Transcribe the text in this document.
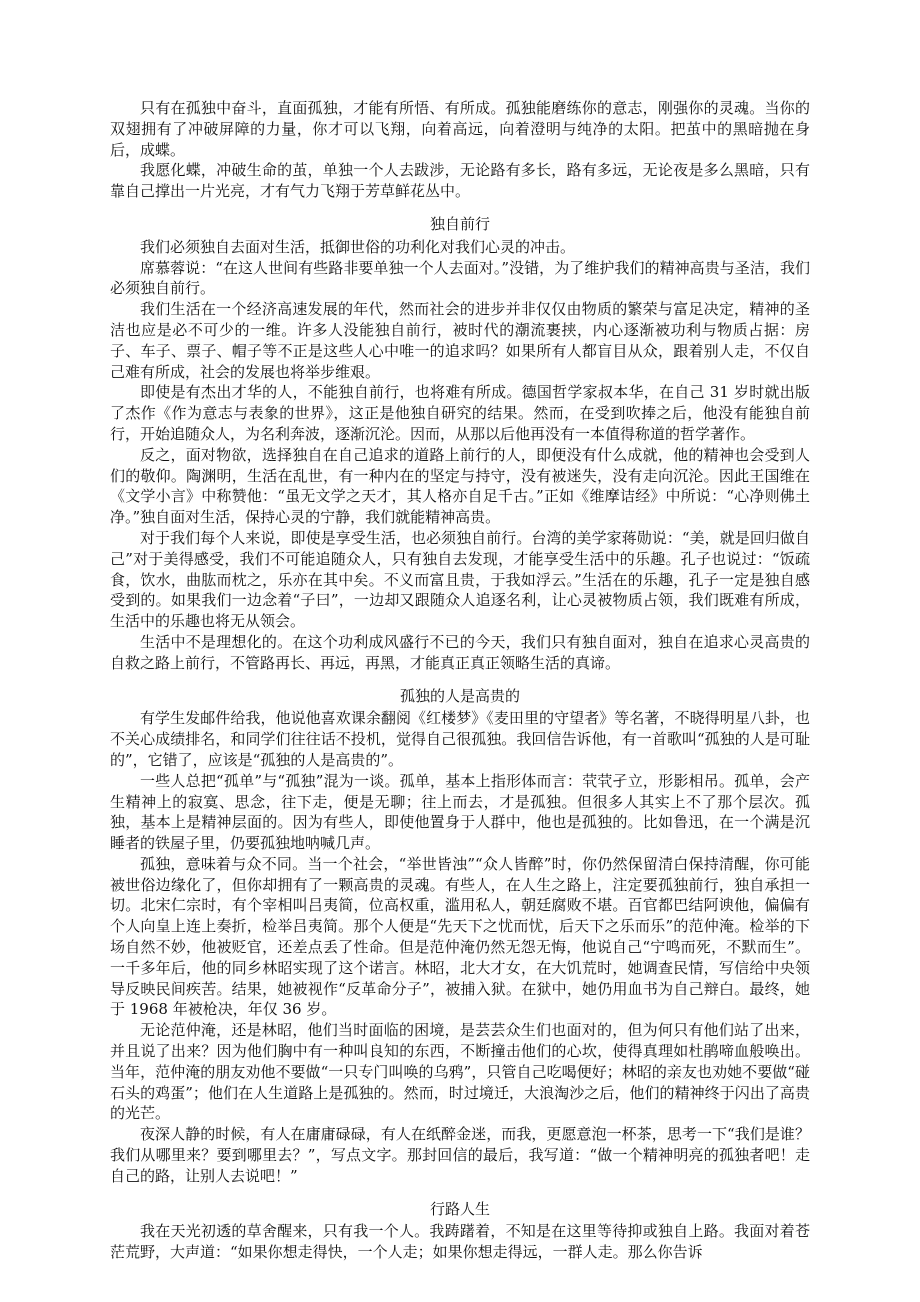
只有在孤独中奋斗，直面孤独，才能有所悟、有所成。孤独能磨练你的意志，刚强你的灵魂。当你的双翅拥有了冲破屏障的力量，你才可以飞翔，向着高远，向着澄明与纯净的太阳。把茧中的黑暗抛在身后，成蝶。

我愿化蝶，冲破生命的茧，单独一个人去跋涉，无论路有多长，路有多远，无论夜是多么黑暗，只有靠自己撑出一片光亮，才有气力飞翔于芳草鲜花丛中。

独自前行

我们必须独自去面对生活，抵御世俗的功利化对我们心灵的冲击。

席慕蓉说：“在这人世间有些路非要单独一个人去面对。”没错，为了维护我们的精神高贵与圣洁，我们必须独自前行。

我们生活在一个经济高速发展的年代，然而社会的进步并非仅仅由物质的繁荣与富足决定，精神的圣洁也应是必不可少的一维。许多人没能独自前行，被时代的潮流裹挟，内心逐渐被功利与物质占据：房子、车子、票子、帽子等不正是这些人心中唯一的追求吗？如果所有人都盲目从众，跟着别人走，不仅自己难有所成，社会的发展也将举步维艰。

即使是有杰出才华的人，不能独自前行，也将难有所成。德国哲学家叔本华，在自己 31 岁时就出版了杰作《作为意志与表象的世界》，这正是他独自研究的结果。然而，在受到吹捧之后，他没有能独自前行，开始追随众人，为名利奔波，逐渐沉沦。因而，从那以后他再没有一本值得称道的哲学著作。

反之，面对物欲，选择独自在自己追求的道路上前行的人，即便没有什么成就，他的精神也会受到人们的敬仰。陶渊明，生活在乱世，有一种内在的坚定与持守，没有被迷失，没有走向沉沦。因此王国维在《文学小言》中称赞他：“虽无文学之天才，其人格亦自足千古。”正如《维摩诘经》中所说：“心净则佛土净。”独自面对生活，保持心灵的宁静，我们就能精神高贵。

对于我们每个人来说，即使是享受生活，也必须独自前行。台湾的美学家蒋勋说：“美，就是回归做自己”对于美得感受，我们不可能追随众人，只有独自去发现，才能享受生活中的乐趣。孔子也说过：“饭疏食，饮水，曲肱而枕之，乐亦在其中矣。不义而富且贵，于我如浮云。”生活在的乐趣，孔子一定是独自感受到的。如果我们一边念着“子曰”，一边却又跟随众人追逐名利，让心灵被物质占领，我们既难有所成，生活中的乐趣也将无从领会。

生活中不是理想化的。在这个功利成风盛行不已的今天，我们只有独自面对，独自在追求心灵高贵的自救之路上前行，不管路再长、再远，再黑，才能真正真正领略生活的真谛。

孤独的人是高贵的

有学生发邮件给我，他说他喜欢课余翻阅《红楼梦》《麦田里的守望者》等名著，不晓得明星八卦，也不关心成绩排名，和同学们往往话不投机，觉得自己很孤独。我回信告诉他，有一首歌叫“孤独的人是可耻的”，它错了，应该是“孤独的人是高贵的”。

一些人总把“孤单”与“孤独”混为一谈。孤单，基本上指形体而言：茕茕孑立，形影相吊。孤单，会产生精神上的寂寞、思念，往下走，便是无聊；往上而去，才是孤独。但很多人其实上不了那个层次。孤独，基本上是精神层面的。因为有些人，即使他置身于人群中，他也是孤独的。比如鲁迅，在一个满是沉睡者的铁屋子里，仍要孤独地呐喊几声。

孤独，意味着与众不同。当一个社会，“举世皆浊”“众人皆醉”时，你仍然保留清白保持清醒，你可能被世俗边缘化了，但你却拥有了一颗高贵的灵魂。有些人，在人生之路上，注定要孤独前行，独自承担一切。北宋仁宗时，有个宰相叫吕夷简，位高权重，滥用私人，朝廷腐败不堪。百官都巴结阿谀他，偏偏有个人向皇上连上奏折，检举吕夷简。那个人便是“先天下之忧而忧，后天下之乐而乐”的范仲淹。检举的下场自然不妙，他被贬官，还差点丢了性命。但是范仲淹仍然无怨无悔，他说自己“宁鸣而死，不默而生”。一千多年后，他的同乡林昭实现了这个诺言。林昭，北大才女，在大饥荒时，她调查民情，写信给中央领导反映民间疾苦。结果，她被视作“反革命分子”，被捕入狱。在狱中，她仍用血书为自己辩白。最终，她于 1968 年被枪决，年仅 36 岁。

无论范仲淹，还是林昭，他们当时面临的困境，是芸芸众生们也面对的，但为何只有他们站了出来，并且说了出来？因为他们胸中有一种叫良知的东西，不断撞击他们的心坎，使得真理如杜鹃啼血般唤出。当年，范仲淹的朋友劝他不要做“一只专门叫唤的乌鸦”，只管自己吃喝便好；林昭的亲友也劝她不要做“碰石头的鸡蛋”；他们在人生道路上是孤独的。然而，时过境迁，大浪淘沙之后，他们的精神终于闪出了高贵的光芒。

夜深人静的时候，有人在庸庸碌碌，有人在纸醉金迷，而我，更愿意泡一杯茶，思考一下“我们是谁？我们从哪里来？要到哪里去？”，写点文字。那封回信的最后，我写道：“做一个精神明亮的孤独者吧！走自己的路，让别人去说吧！”

行路人生

我在天光初透的草舍醒来，只有我一个人。我踌躇着，不知是在这里等待抑或独自上路。我面对着苍茫荒野，大声道：“如果你想走得快，一个人走；如果你想走得远，一群人走。那么你告诉
